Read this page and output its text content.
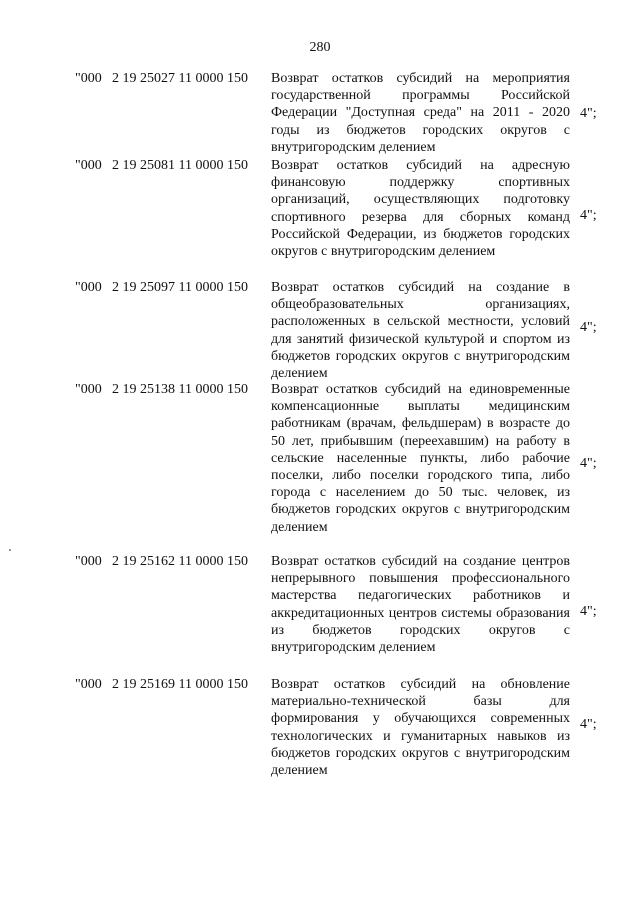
280
"000 2 19 25027 11 0000 150 Возврат остатков субсидий на мероприятия государственной программы Российской Федерации "Доступная среда" на 2011 - 2020 годы из бюджетов городских округов с внутригородским делением
4";
"000 2 19 25081 11 0000 150 Возврат остатков субсидий на адресную финансовую поддержку спортивных организаций, осуществляющих подготовку спортивного резерва для сборных команд Российской Федерации, из бюджетов городских округов с внутригородским делением
4";
"000 2 19 25097 11 0000 150 Возврат остатков субсидий на создание в общеобразовательных организациях, расположенных в сельской местности, условий для занятий физической культурой и спортом из бюджетов городских округов с внутригородским делением
4";
"000 2 19 25138 11 0000 150 Возврат остатков субсидий на единовременные компенсационные выплаты медицинским работникам (врачам, фельдшерам) в возрасте до 50 лет, прибывшим (переехавшим) на работу в сельские населенные пункты, либо рабочие поселки, либо поселки городского типа, либо города с населением до 50 тыс. человек, из бюджетов городских округов с внутригородским делением
4";
"000 2 19 25162 11 0000 150 Возврат остатков субсидий на создание центров непрерывного повышения профессионального мастерства педагогических работников и аккредитационных центров системы образования из бюджетов городских округов с внутригородским делением
4";
"000 2 19 25169 11 0000 150 Возврат остатков субсидий на обновление материально-технической базы для формирования у обучающихся современных технологических и гуманитарных навыков из бюджетов городских округов с внутригородским делением
4";
